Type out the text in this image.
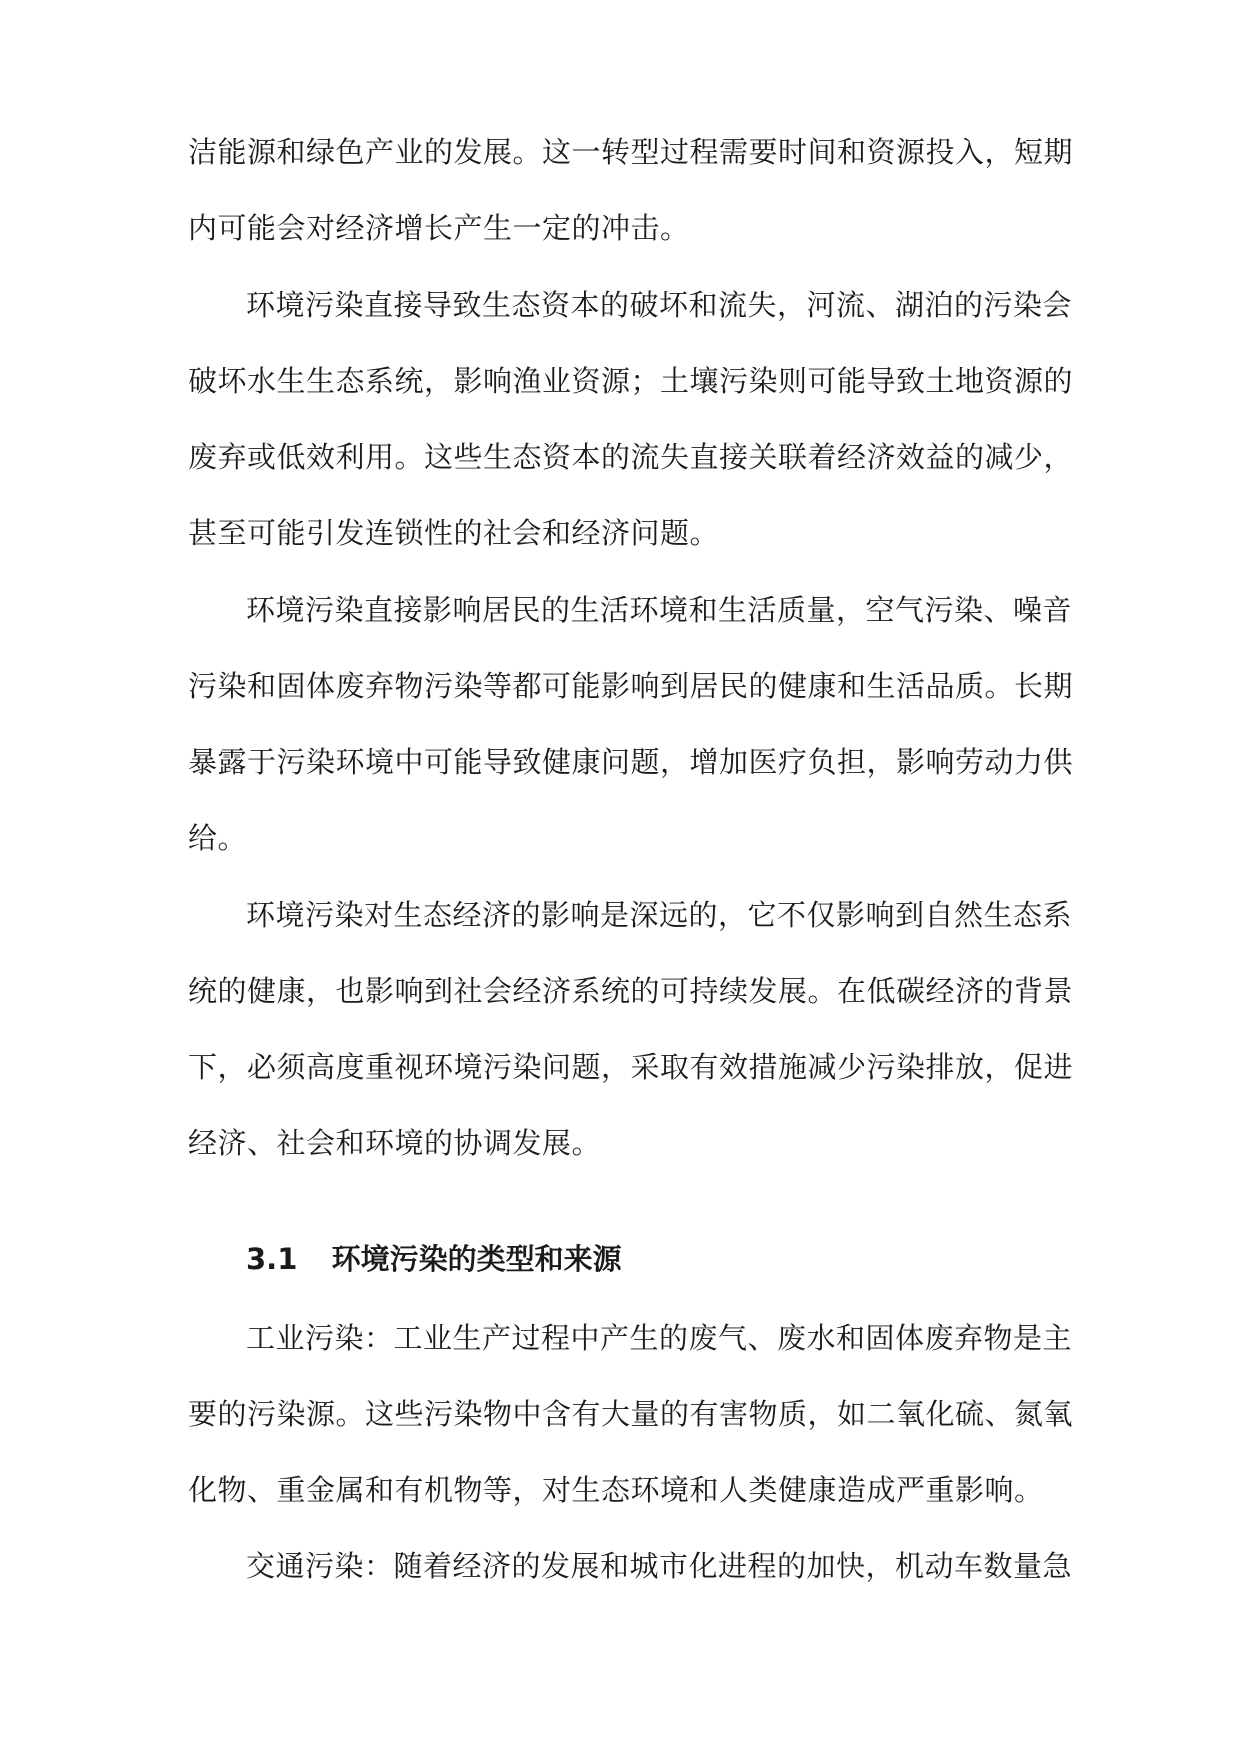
洁能源和绿色产业的发展。这一转型过程需要时间和资源投入，短期
内可能会对经济增长产生一定的冲击。
环境污染直接导致生态资本的破坏和流失，河流、湖泊的污染会
破坏水生生态系统，影响渔业资源；土壤污染则可能导致土地资源的
废弃或低效利用。这些生态资本的流失直接关联着经济效益的减少，
甚至可能引发连锁性的社会和经济问题。
环境污染直接影响居民的生活环境和生活质量，空气污染、噪音
污染和固体废弃物污染等都可能影响到居民的健康和生活品质。长期
暴露于污染环境中可能导致健康问题，增加医疗负担，影响劳动力供
给。
环境污染对生态经济的影响是深远的，它不仅影响到自然生态系
统的健康，也影响到社会经济系统的可持续发展。在低碳经济的背景
下，必须高度重视环境污染问题，采取有效措施减少污染排放，促进
经济、社会和环境的协调发展。
3.1 环境污染的类型和来源
工业污染：工业生产过程中产生的废气、废水和固体废弃物是主
要的污染源。这些污染物中含有大量的有害物质，如二氧化硫、氮氧
化物、重金属和有机物等，对生态环境和人类健康造成严重影响。
交通污染：随着经济的发展和城市化进程的加快，机动车数量急
